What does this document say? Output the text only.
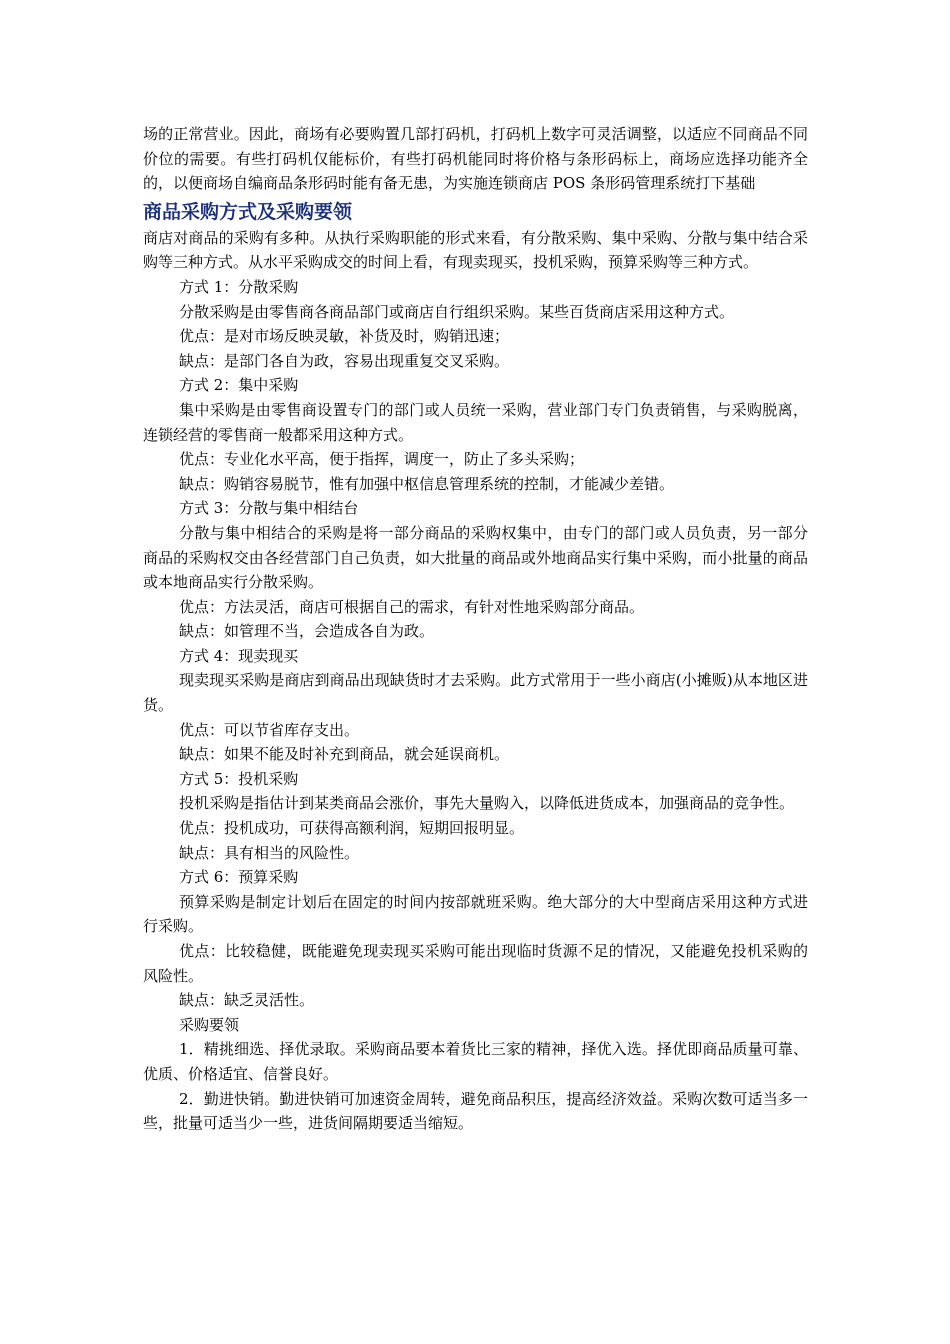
场的正常营业。因此，商场有必要购置几部打码机，打码机上数字可灵活调整，以适应不同商品不同价位的需要。有些打码机仅能标价，有些打码机能同时将价格与条形码标上，商场应选择功能齐全的，以便商场自编商品条形码时能有备无患，为实施连锁商店 POS 条形码管理系统打下基础

商品采购方式及采购要领

商店对商品的采购有多种。从执行采购职能的形式来看，有分散采购、集中采购、分散与集中结合采购等三种方式。从水平采购成交的时间上看，有现卖现买，投机采购，预算采购等三种方式。

方式 1：分散采购

分散采购是由零售商各商品部门或商店自行组织采购。某些百货商店采用这种方式。

优点：是对市场反映灵敏，补货及时，购销迅速；

缺点：是部门各自为政，容易出现重复交叉采购。

方式 2：集中采购

集中采购是由零售商设置专门的部门或人员统一采购，营业部门专门负责销售，与采购脱离，连锁经营的零售商一般都采用这种方式。

优点：专业化水平高，便于指挥，调度一，防止了多头采购；

缺点：购销容易脱节，惟有加强中枢信息管理系统的控制，才能减少差错。

方式 3：分散与集中相结台

分散与集中相结合的采购是将一部分商品的采购权集中，由专门的部门或人员负责，另一部分商品的采购权交由各经营部门自己负责，如大批量的商品或外地商品实行集中采购，而小批量的商品或本地商品实行分散采购。

优点：方法灵活，商店可根据自己的需求，有针对性地采购部分商品。

缺点：如管理不当，会造成各自为政。

方式 4：现卖现买

现卖现买采购是商店到商品出现缺货时才去采购。此方式常用于一些小商店(小摊贩)从本地区进货。

优点：可以节省库存支出。

缺点：如果不能及时补充到商品，就会延误商机。

方式 5：投机采购

投机采购是指估计到某类商品会涨价，事先大量购入，以降低进货成本，加强商品的竞争性。

优点：投机成功，可获得高额利润，短期回报明显。

缺点：具有相当的风险性。

方式 6：预算采购

预算采购是制定计划后在固定的时间内按部就班采购。绝大部分的大中型商店采用这种方式进行采购。

优点：比较稳健，既能避免现卖现买采购可能出现临时货源不足的情况，又能避免投机采购的风险性。

缺点：缺乏灵活性。

采购要领

1．精挑细选、择优录取。采购商品要本着货比三家的精神，择优入选。择优即商品质量可靠、优质、价格适宜、信誉良好。

2．勤进快销。勤进快销可加速资金周转，避免商品积压，提高经济效益。采购次数可适当多一些，批量可适当少一些，进货间隔期要适当缩短。
